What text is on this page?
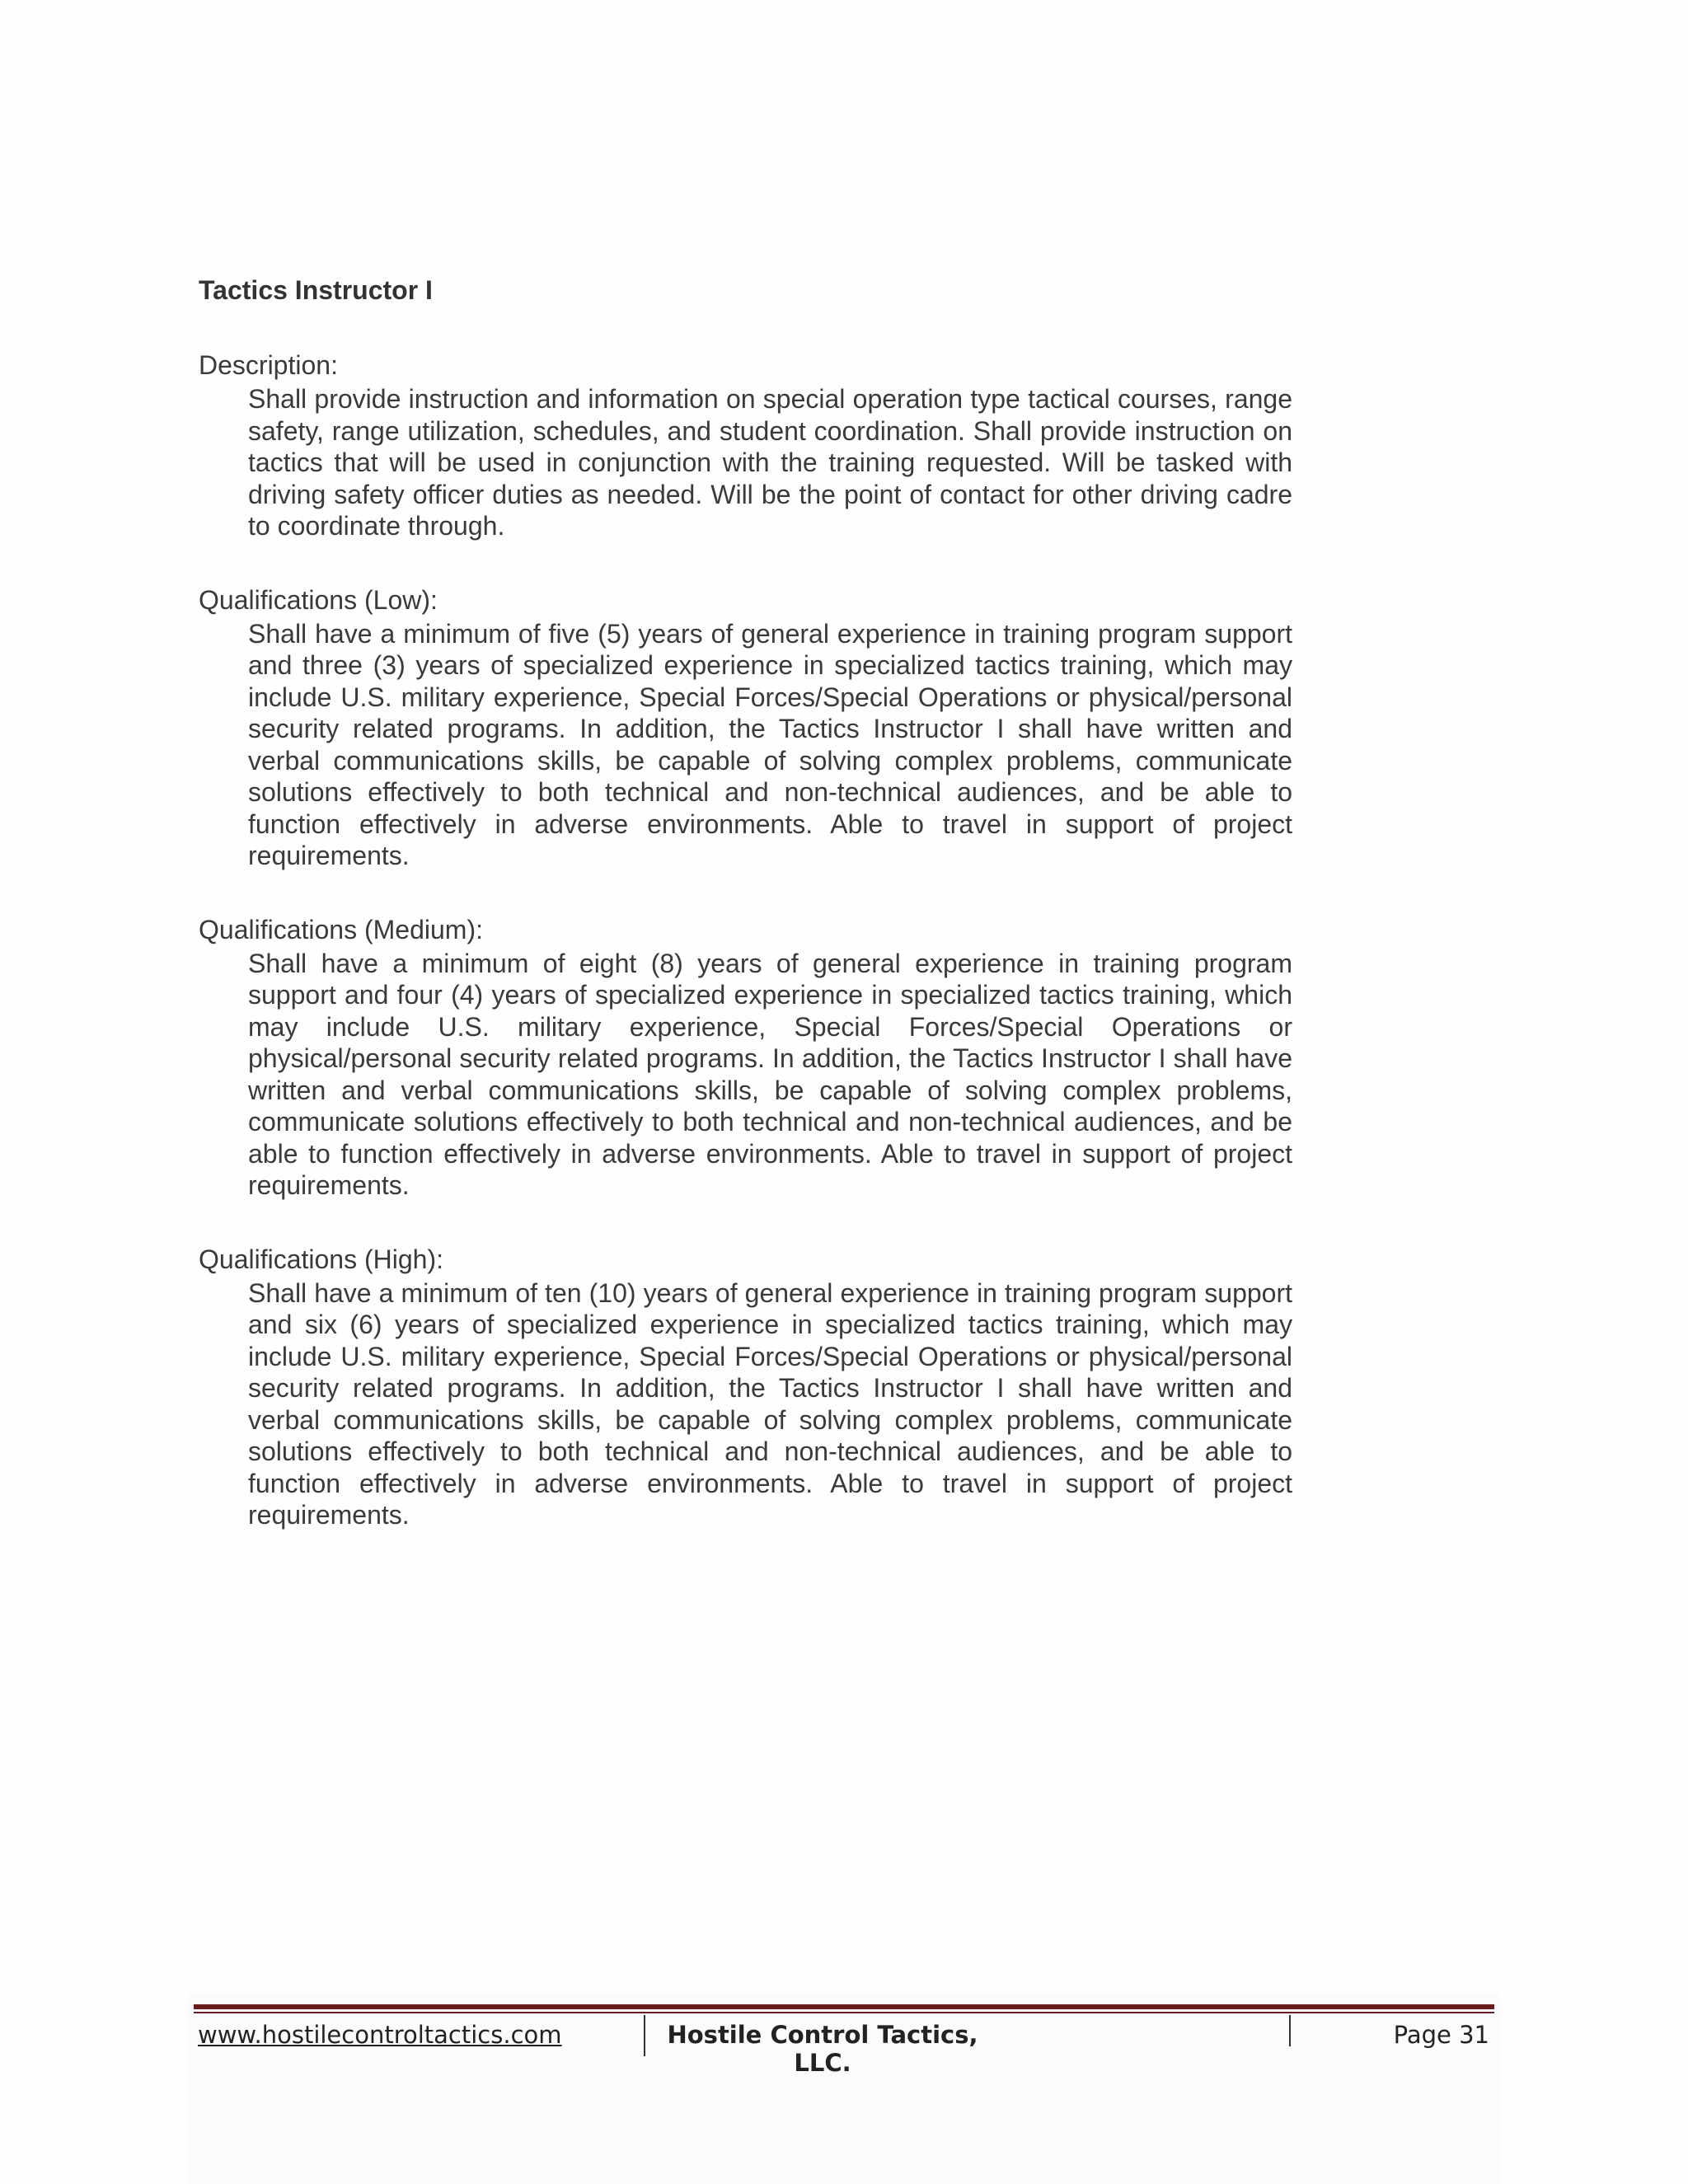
Tactics Instructor I

Description:

Shall provide instruction and information on special operation type tactical courses, range safety, range utilization, schedules, and student coordination. Shall provide instruction on tactics that will be used in conjunction with the training requested. Will be tasked with driving safety officer duties as needed. Will be the point of contact for other driving cadre to coordinate through.

Qualifications (Low):

Shall have a minimum of five (5) years of general experience in training program support and three (3) years of specialized experience in specialized tactics training, which may include U.S. military experience, Special Forces/Special Operations or physical/personal security related programs. In addition, the Tactics Instructor I shall have written and verbal communications skills, be capable of solving complex problems, communicate solutions effectively to both technical and non-technical audiences, and be able to function effectively in adverse environments. Able to travel in support of project requirements.

Qualifications (Medium):

Shall have a minimum of eight (8) years of general experience in training program support and four (4) years of specialized experience in specialized tactics training, which may include U.S. military experience, Special Forces/Special Operations or physical/personal security related programs. In addition, the Tactics Instructor I shall have written and verbal communications skills, be capable of solving complex problems, communicate solutions effectively to both technical and non-technical audiences, and be able to function effectively in adverse environments. Able to travel in support of project requirements.

Qualifications (High):

Shall have a minimum of ten (10) years of general experience in training program support and six (6) years of specialized experience in specialized tactics training, which may include U.S. military experience, Special Forces/Special Operations or physical/personal security related programs. In addition, the Tactics Instructor I shall have written and verbal communications skills, be capable of solving complex problems, communicate solutions effectively to both technical and non-technical audiences, and be able to function effectively in adverse environments. Able to travel in support of project requirements.

www.hostilecontroltactics.com	Hostile Control Tactics, LLC.
Page 31
